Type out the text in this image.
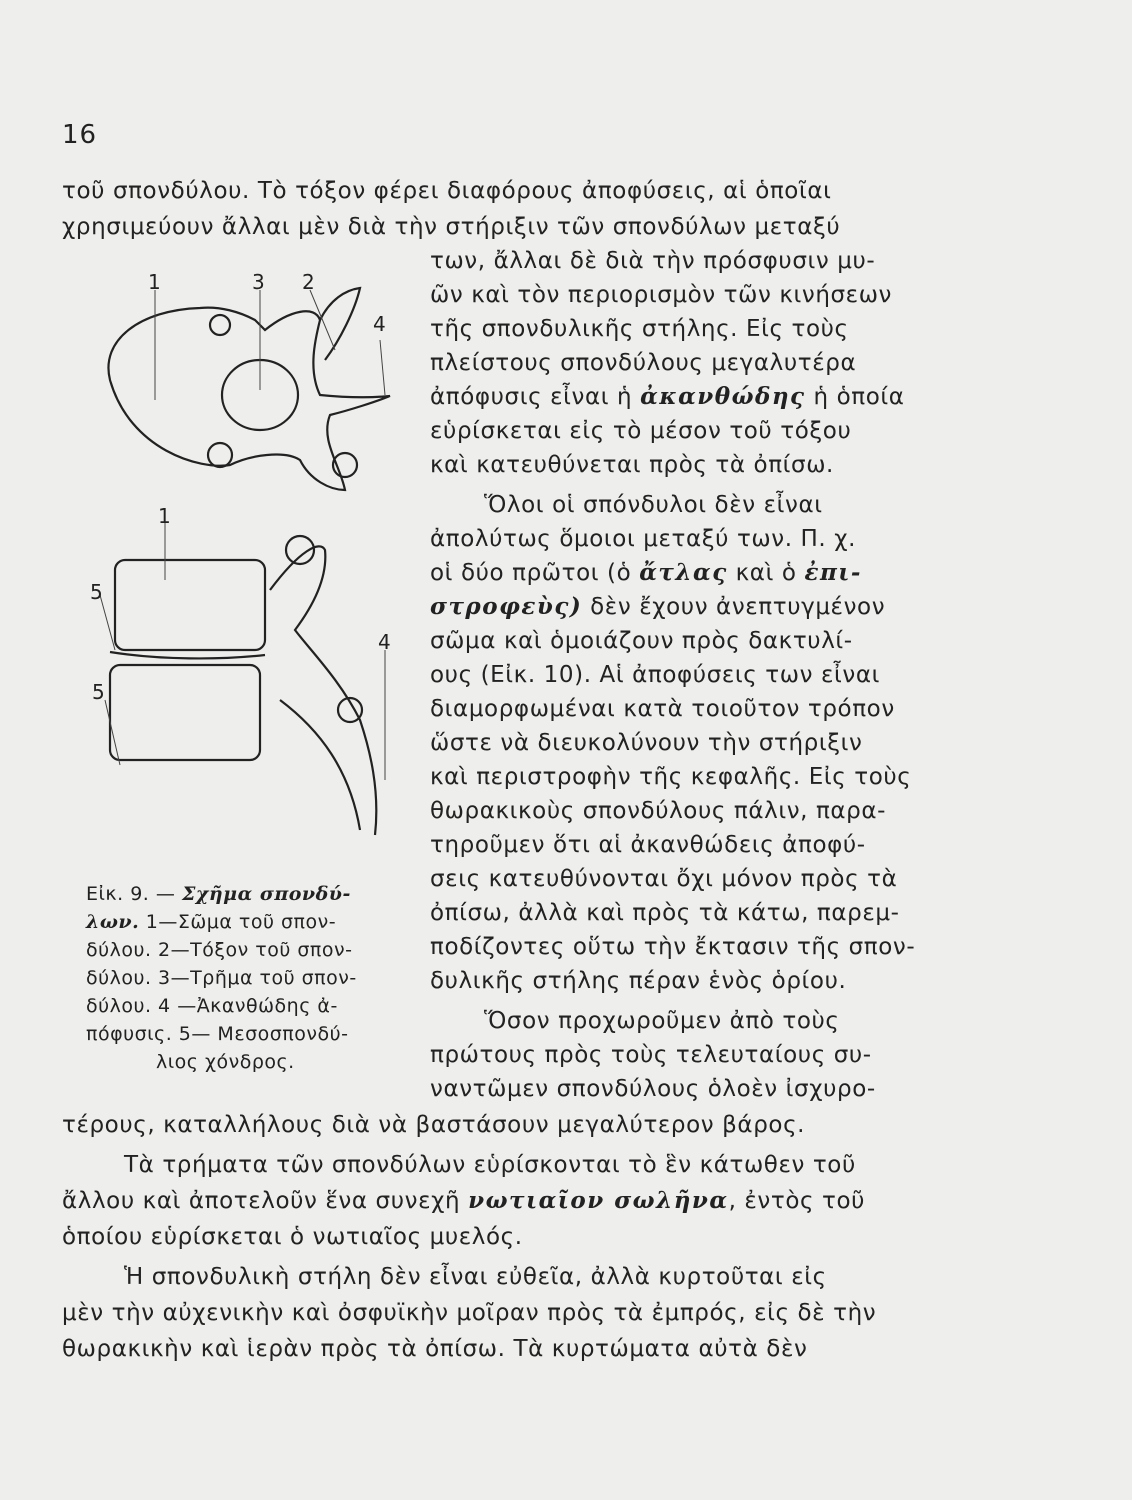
16
τοῦ σπονδύλου. Τὸ τόξον φέρει διαφόρους ἀποφύσεις, αἱ ὁποῖαι
χρησιμεύουν ἄλλαι μὲν διὰ τὴν στήριξιν τῶν σπονδύλων μεταξύ
των, ἄλλαι δὲ διὰ τὴν πρόσφυσιν μυ-
ῶν καὶ τὸν περιορισμὸν τῶν κινήσεων
τῆς σπονδυλικῆς στήλης. Εἰς τοὺς
πλείστους σπονδύλους μεγαλυτέρα
ἀπόφυσις εἶναι ἡ ἀκανθώδης ἡ ὁποία
εὑρίσκεται εἰς τὸ μέσον τοῦ τόξου
καὶ κατευθύνεται πρὸς τὰ ὀπίσω.
Ὅλοι οἱ σπόνδυλοι δὲν εἶναι
ἀπολύτως ὅμοιοι μεταξύ των. Π. χ.
οἱ δύο πρῶτοι (ὁ ἄτλας καὶ ὁ ἐπι-
στροφεὺς) δὲν ἔχουν ἀνεπτυγμένον
σῶμα καὶ ὁμοιάζουν πρὸς δακτυλί-
ους (Εἰκ. 10). Αἱ ἀποφύσεις των εἶναι
διαμορφωμέναι κατὰ τοιοῦτον τρόπον
ὥστε νὰ διευκολύνουν τὴν στήριξιν
καὶ περιστροφὴν τῆς κεφαλῆς. Εἰς τοὺς
θωρακικοὺς σπονδύλους πάλιν, παρα-
τηροῦμεν ὅτι αἱ ἀκανθώδεις ἀποφύ-
σεις κατευθύνονται ὄχι μόνον πρὸς τὰ
ὀπίσω, ἀλλὰ καὶ πρὸς τὰ κάτω, παρεμ-
ποδίζοντες οὕτω τὴν ἔκτασιν τῆς σπον-
δυλικῆς στήλης πέραν ἑνὸς ὁρίου.
Ὅσον προχωροῦμεν ἀπὸ τοὺς
πρώτους πρὸς τοὺς τελευταίους συ-
ναντῶμεν σπονδύλους ὁλοὲν ἰσχυρο-
τέρους, καταλλήλους διὰ νὰ βαστάσουν μεγαλύτερον βάρος.
Τὰ τρήματα τῶν σπονδύλων εὑρίσκονται τὸ ἓν κάτωθεν τοῦ
ἄλλου καὶ ἀποτελοῦν ἕνα συνεχῆ νωτιαῖον σωλῆνα, ἐντὸς τοῦ
ὁποίου εὑρίσκεται ὁ νωτιαῖος μυελός.
Ἡ σπονδυλικὴ στήλη δὲν εἶναι εὐθεῖα, ἀλλὰ κυρτοῦται εἰς
μὲν τὴν αὐχενικὴν καὶ ὀσφυϊκὴν μοῖραν πρὸς τὰ ἐμπρός, εἰς δὲ τὴν
θωρακικὴν καὶ ἱερὰν πρὸς τὰ ὀπίσω. Τὰ κυρτώματα αὐτὰ δὲν
1	3 2
4
1
5
4
5
Εἰκ. 9. — Σχῆμα σπονδύ-
λων. 1—Σῶμα τοῦ σπον-
δύλου. 2—Τόξον τοῦ σπον-
δύλου. 3—Τρῆμα τοῦ σπον-
δύλου. 4 —Ἀκανθώδης ἀ-
πόφυσις. 5— Μεσοσπονδύ-
λιος χόνδρος.
